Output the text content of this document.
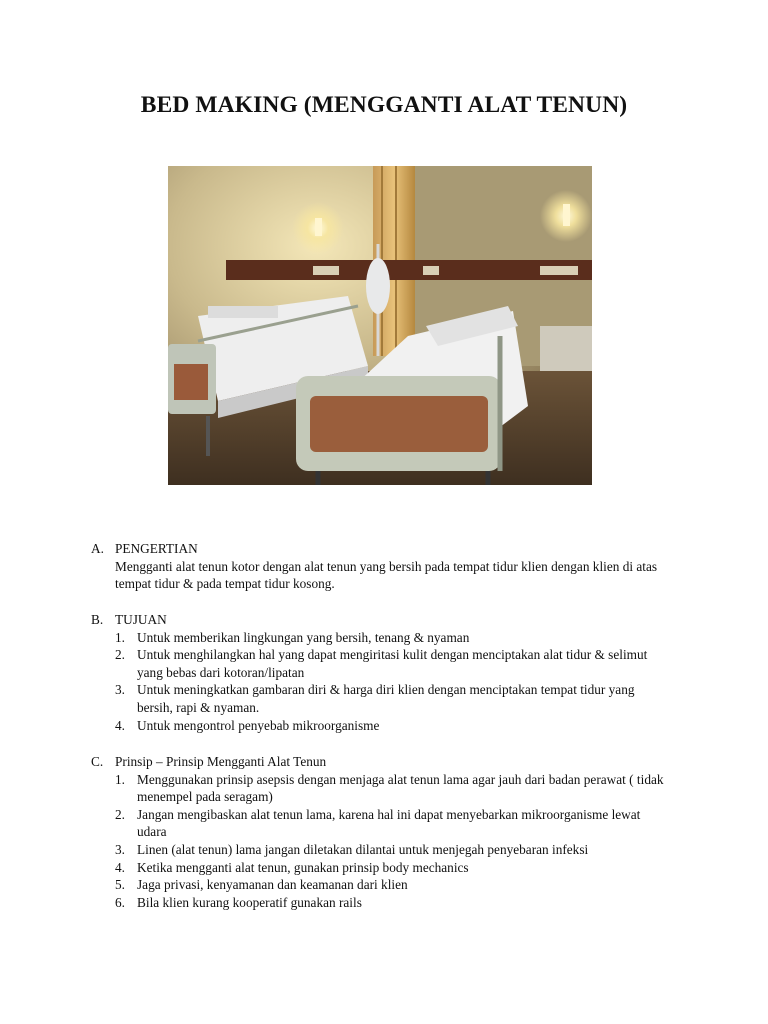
BED MAKING (MENGGANTI ALAT TENUN)
A. PENGERTIAN
Mengganti alat tenun kotor dengan alat tenun yang bersih pada tempat tidur klien dengan klien di atas tempat tidur & pada tempat tidur kosong.
B. TUJUAN
1. Untuk memberikan lingkungan yang bersih, tenang & nyaman
2. Untuk menghilangkan hal yang dapat mengiritasi kulit dengan menciptakan alat tidur & selimut yang bebas dari kotoran/lipatan
3. Untuk meningkatkan gambaran diri & harga diri klien dengan menciptakan tempat tidur yang bersih, rapi & nyaman.
4. Untuk mengontrol penyebab mikroorganisme
C. Prinsip – Prinsip Mengganti Alat Tenun
1. Menggunakan prinsip asepsis dengan menjaga alat tenun lama agar jauh dari badan perawat ( tidak menempel pada seragam)
2. Jangan mengibaskan alat tenun lama, karena hal ini dapat menyebarkan mikroorganisme lewat udara
3. Linen (alat tenun) lama jangan diletakan dilantai untuk menjegah penyebaran infeksi
4. Ketika mengganti alat tenun, gunakan prinsip body mechanics
5. Jaga privasi, kenyamanan dan keamanan dari klien
6. Bila klien kurang kooperatif gunakan rails
